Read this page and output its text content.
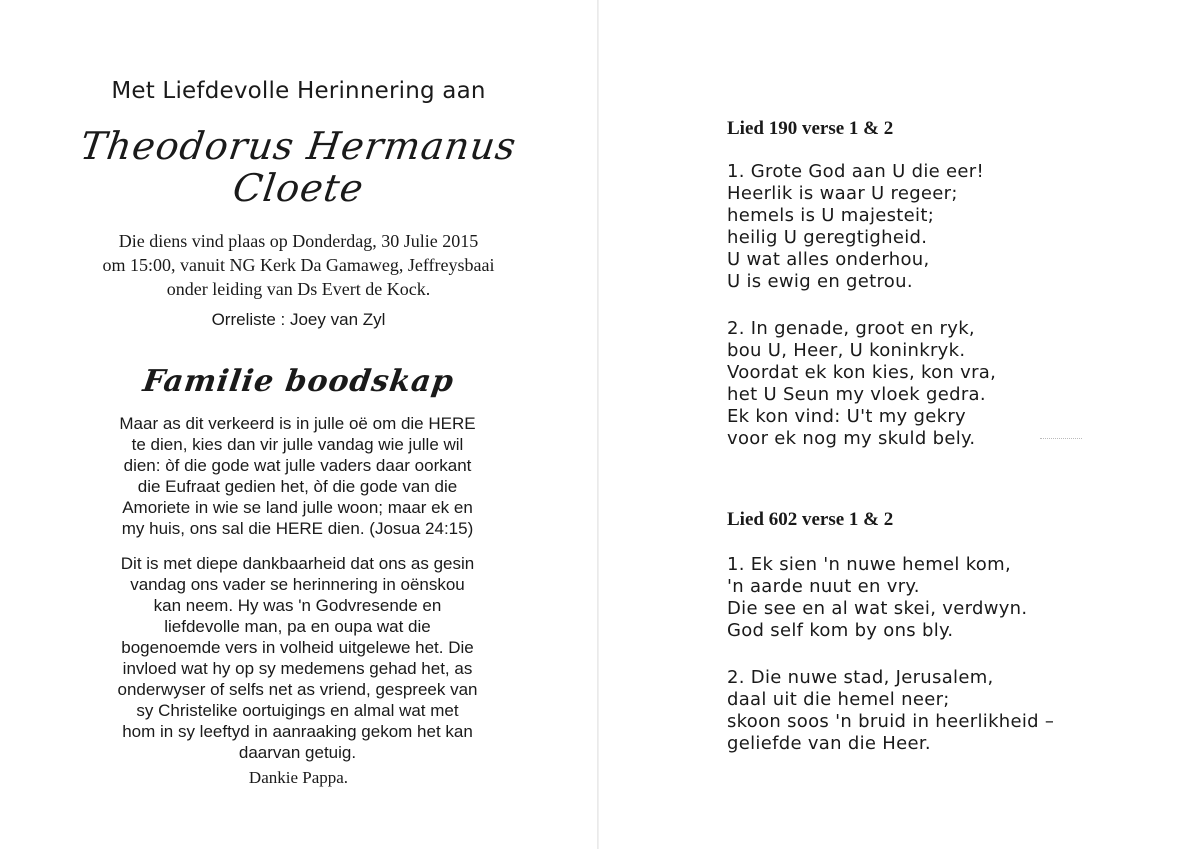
Met Liefdevolle Herinnering aan
Theodorus Hermanus
Cloete
Die diens vind plaas op Donderdag, 30 Julie 2015
om 15:00, vanuit NG Kerk Da Gamaweg, Jeffreysbaai
onder leiding van Ds Evert de Kock.
Orreliste : Joey van Zyl
Familie boodskap
Maar as dit verkeerd is in julle oë om die HERE
te dien, kies dan vir julle vandag wie julle wil
dien: òf die gode wat julle vaders daar oorkant
die Eufraat gedien het, òf die gode van die
Amoriete in wie se land julle woon; maar ek en
my huis, ons sal die HERE dien. (Josua 24:15)
Dit is met diepe dankbaarheid dat ons as gesin
vandag ons vader se herinnering in oënskou
kan neem. Hy was 'n Godvresende en
liefdevolle man, pa en oupa wat die
bogenoemde vers in volheid uitgelewe het. Die
invloed wat hy op sy medemens gehad het, as
onderwyser of selfs net as vriend, gespreek van
sy Christelike oortuigings en almal wat met
hom in sy leeftyd in aanraaking gekom het kan
daarvan getuig.
Dankie Pappa.
Lied 190 verse 1 & 2
1. Grote God aan U die eer!
Heerlik is waar U regeer;
hemels is U majesteit;
heilig U geregtigheid.
U wat alles onderhou,
U is ewig en getrou.
2. In genade, groot en ryk,
bou U, Heer, U koninkryk.
Voordat ek kon kies, kon vra,
het U Seun my vloek gedra.
Ek kon vind: U't my gekry
voor ek nog my skuld bely.
Lied 602 verse 1 & 2
1. Ek sien 'n nuwe hemel kom,
'n aarde nuut en vry.
Die see en al wat skei, verdwyn.
God self kom by ons bly.
2. Die nuwe stad, Jerusalem,
daal uit die hemel neer;
skoon soos 'n bruid in heerlikheid –
geliefde van die Heer.
